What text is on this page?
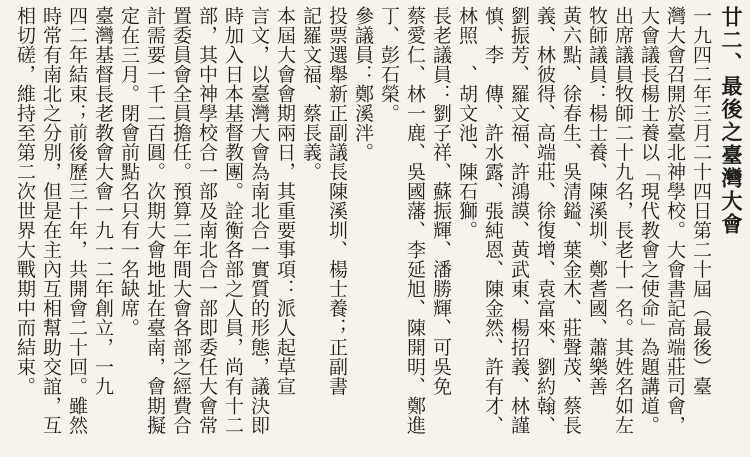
廿二、最後之臺灣大會
一九四二年三月二十四日第二十屆（最後）臺
灣大會召開於臺北神學校。大會書記高端莊司會，
大會議長楊士養以「現代教會之使命」為題講道。
出席議員牧師二十九名，長老十一名。其姓名如左
牧師議員：楊士養、陳溪圳、鄭耆國、蕭樂善
黃六點、徐春生、吳清鎰、葉金木、莊聲茂、蔡長
義、林彼得、高端莊、徐復增、袁富來、劉約翰、
劉振芳、羅文福、許鴻謨、黃武東、楊招義、林謹
慎、李　傳、許水露、張純恩、陳金然、許有才、
林照　、胡文池、陳石獅。
長老議員：劉子祥、蘇振輝、潘勝輝、可吳免
蔡愛仁、林一鹿、吳國藩、李延旭、陳開明、鄭進
丁、彭石榮。
參議員：鄭溪泮。
投票選舉新正副議長陳溪圳、楊士養；正副書
記羅文福、蔡長義。
本屆大會會期兩日，其重要事項：派人起草宣
言文，以臺灣大會為南北合一實質的形態，議決即
時加入日本基督教團。詮衡各部之人員，尚有十二
部，其中神學校合一部及南北合一部即委任大會常
置委員會全員擔任。預算二年間大會各部之經費合
計需要一千二百圓。次期大會地址在臺南，會期擬
定在三月。閉會前點名只有一名缺席。
臺灣基督長老教會大會一九一二年創立，一九
四二年結束；前後歷三十年，共開會二十回。雖然
時常有南北之分別，但是在主內互相幫助交誼，互
相切磋，維持至第二次世界大戰期中而結束。
